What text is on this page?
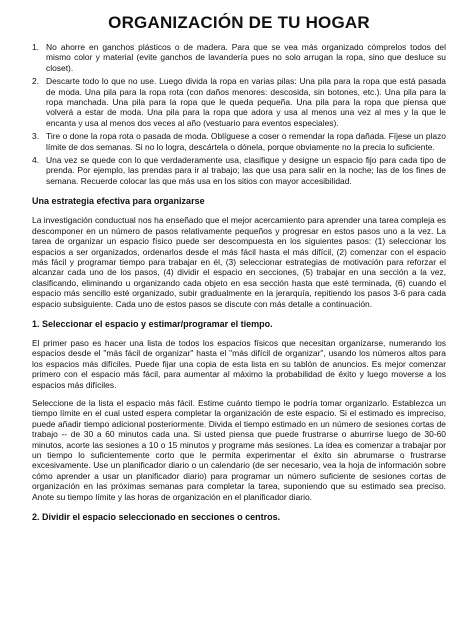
ORGANIZACIÓN DE TU HOGAR
1. No ahorre en ganchos plásticos o de madera. Para que se vea más organizado cómprelos todos del mismo color y material (evite ganchos de lavandería pues no solo arrugan la ropa, sino que desluce su closet).
2. Descarte todo lo que no use. Luego divida la ropa en varias pilas: Una pila para la ropa que está pasada de moda. Una pila para la ropa rota (con daños menores: descosida, sin botones, etc.). Una pila para la ropa manchada. Una pila para la ropa que le queda pequeña. Una pila para la ropa que piensa que volverá a estar de moda. Una pila para la ropa que adora y usa al menos una vez al mes y la que le encanta y usa al menos dos veces al año (vestuario para eventos especiales).
3. Tire o done la ropa rota o pasada de moda. Oblíguese a coser o remendar la ropa dañada. Fíjese un plazo límite de dos semanas. Si no lo logra, descártela o dónela, porque obviamente no la precia lo suficiente.
4. Una vez se quede con lo que verdaderamente usa, clasifique y designe un espacio fijo para cada tipo de prenda. Por ejemplo, las prendas para ir al trabajo; las que usa para salir en la noche; las de los fines de semana. Recuerde colocar las que más usa en los sitios con mayor accesibilidad.
Una estrategia efectiva para organizarse

La investigación conductual nos ha enseñado que el mejor acercamiento para aprender una tarea compleja es descomponer en un número de pasos relativamente pequeños y progresar en estos pasos uno a la vez. La tarea de organizar un espacio físico puede ser descompuesta en los siguientes pasos: (1) seleccionar los espacios a ser organizados, ordenarlos desde el más fácil hasta el más difícil, (2) comenzar con el espacio más fácil y programar tiempo para trabajar en él, (3) seleccionar estrategias de motivación para reforzar el alcanzar cada uno de los pasos, (4) dividir el espacio en secciones, (5) trabajar en una sección a la vez, clasificando, eliminando u organizando cada objeto en esa sección hasta que esté terminada, (6) cuando el espacio más sencillo esté organizado, subir gradualmente en la jerarquía, repitiendo los pasos 3-6 para cada espacio subsiguiente. Cada uno de estos pasos se discute con más detalle a continuación.

1. Seleccionar el espacio y estimar/programar el tiempo.

El primer paso es hacer una lista de todos los espacios físicos que necesitan organizarse, numerando los espacios desde el "más fácil de organizar" hasta el "más difícil de organizar", usando los números altos para los espacios más difíciles. Puede fijar una copia de esta lista en su tablón de anuncios. Es mejor comenzar primero con el espacio más fácil, para aumentar al máximo la probabilidad de éxito y luego moverse a los espacios más difíciles.

Seleccione de la lista el espacio más fácil. Estime cuánto tiempo le podría tomar organizarlo. Establezca un tiempo límite en el cual usted espera completar la organización de este espacio. Si el estimado es impreciso, puede añadir tiempo adicional posteriormente. Divida el tiempo estimado en un número de sesiones cortas de trabajo -- de 30 a 60 minutos cada una. Si usted piensa que puede frustrarse o aburrirse luego de 30-60 minutos, acorte las sesiones a 10 o 15 minutos y programe más sesiones. La idea es comenzar a trabajar por un tiempo lo suficientemente corto que le permita experimentar el éxito sin abrumarse o frustrarse excesivamente. Use un planificador diario o un calendario (de ser necesario, vea la hoja de información sobre cómo aprender a usar un planificador diario) para programar un número suficiente de sesiones cortas de organización en las próximas semanas para completar la tarea, suponiendo que su estimado sea preciso. Anote su tiempo límite y las horas de organización en el planificador diario.

2. Dividir el espacio seleccionado en secciones o centros.
